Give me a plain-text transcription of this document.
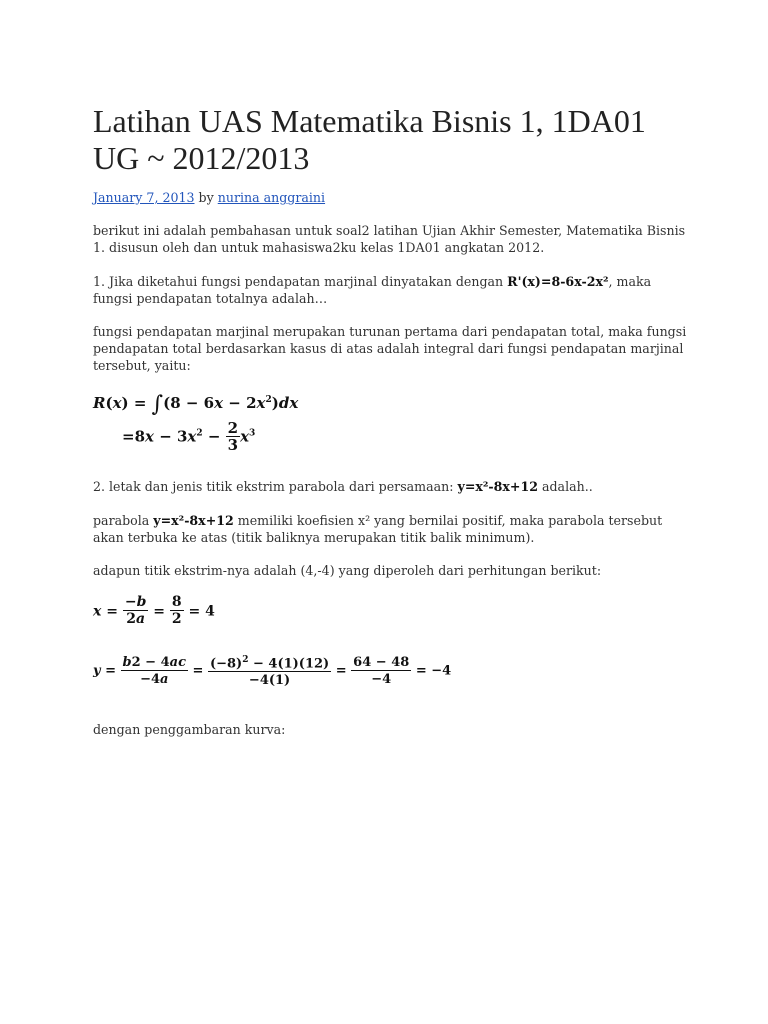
Latihan UAS Matematika Bisnis 1, 1DA01 UG ~ 2012/2013

January 7, 2013 by nurina anggraini

berikut ini adalah pembahasan untuk soal2 latihan Ujian Akhir Semester, Matematika Bisnis 1. disusun oleh dan untuk mahasiswa2ku kelas 1DA01 angkatan 2012.

1. Jika diketahui fungsi pendapatan marjinal dinyatakan dengan R'(x)=8-6x-2x², maka fungsi pendapatan totalnya adalah…

fungsi pendapatan marjinal merupakan turunan pertama dari pendapatan total, maka fungsi pendapatan total berdasarkan kasus di atas adalah integral dari fungsi pendapatan marjinal tersebut, yaitu:

$R(x) = \int(8 - 6x - 2x^2)dx$
$=8x - 3x^2 - \frac{2}{3} x^3$

2. letak dan jenis titik ekstrim parabola dari persamaan: y=x²-8x+12 adalah..

parabola y=x²-8x+12 memiliki koefisien x² yang bernilai positif, maka parabola tersebut akan terbuka ke atas (titik baliknya merupakan titik balik minimum).

adapun titik ekstrim-nya adalah (4,-4) yang diperoleh dari perhitungan berikut:

$x = \frac{-b}{2a} = \frac{8}{2} = 4$
$y = \frac{b2 - 4ac}{-4a} = \frac{(-8)^2 - 4(1)(12)}{-4(1)} = \frac{64 - 48}{-4} = -4$

dengan penggambaran kurva:
